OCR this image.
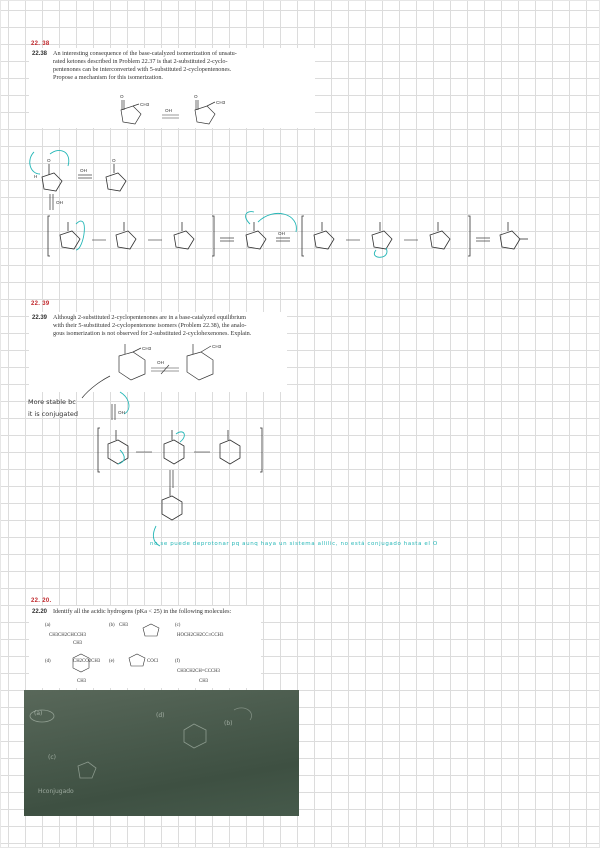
22. 38
22.38 An interesting consequence of the base-catalyzed isomerization of unsatu-
rated ketones described in Problem 22.37 is that 2-substituted 2-cyclo-
pentenones can be interconverted with 5-substituted 2-cyclopentenones.
Propose a mechanism for this isomerization.
O
CH3
OH
O
CH3
O
H
OH
O
OH
OH
22. 39
22.39 Although 2-substituted 2-cyclopentenones are in a base-catalyzed equilibrium
with their 5-substituted 2-cyclopentenone isomers (Problem 22.38), the analo-
gous isomerization is not observed for 2-substituted 2-cyclohexenones. Explain.
CH3
OH
CH3
More stable bc
it is conjugated	OH
no se puede deprotonar pq aunq haya un sistema allilic, no está conjugado hasta el O
22. 20.
22.20 Identify all the acidic hydrogens (pKa < 25) in the following molecules:
(a)
CH3CH2CHCCH3
CH3
(b) CH3	(c)
HOCH2CH2CC≡CCH3
(d)	CH2CO2CH3
CH3
(e)	COCl	(f)
CH3CH2CH=CCCH3
CH3
(a)
(c)
(d)
(b)
Hconjugado
